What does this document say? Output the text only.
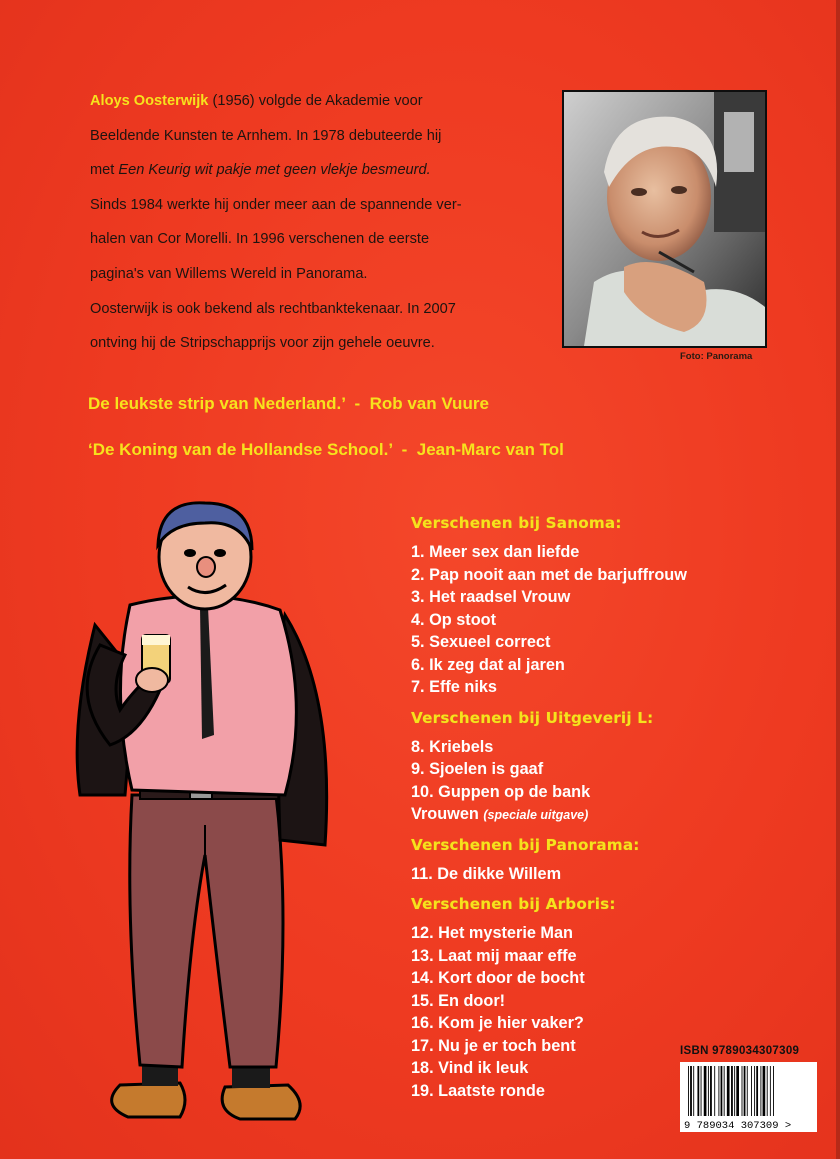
Aloys Oosterwijk (1956) volgde de Akademie voor
Beeldende Kunsten te Arnhem. In 1978 debuteerde hij
met Een Keurig wit pakje met geen vlekje besmeurd.
Sinds 1984 werkte hij onder meer aan de spannende ver-
halen van Cor Morelli. In 1996 verschenen de eerste
pagina's van Willems Wereld in Panorama.
Oosterwijk is ook bekend als rechtbanktekenaar. In 2007
ontving hij de Stripschapprijs voor zijn gehele oeuvre.
Foto: Panorama
De leukste strip van Nederland.’  -  Rob van Vuure
‘De Koning van de Hollandse School.’  -  Jean-Marc van Tol
Verschenen bij Sanoma:
1. Meer sex dan liefde
2. Pap nooit aan met de barjuffrouw
3. Het raadsel Vrouw
4. Op stoot
5. Sexueel correct
6. Ik zeg dat al jaren
7. Effe niks
Verschenen bij Uitgeverij L:
8. Kriebels
9. Sjoelen is gaaf
10. Guppen op de bank
Vrouwen (speciale uitgave)
Verschenen bij Panorama:
11. De dikke Willem
Verschenen bij Arboris:
12. Het mysterie Man
13. Laat mij maar effe
14. Kort door de bocht
15. En door!
16. Kom je hier vaker?
17. Nu je er toch bent
18. Vind ik leuk
19. Laatste ronde
ISBN 9789034307309
9 789034 307309 >
